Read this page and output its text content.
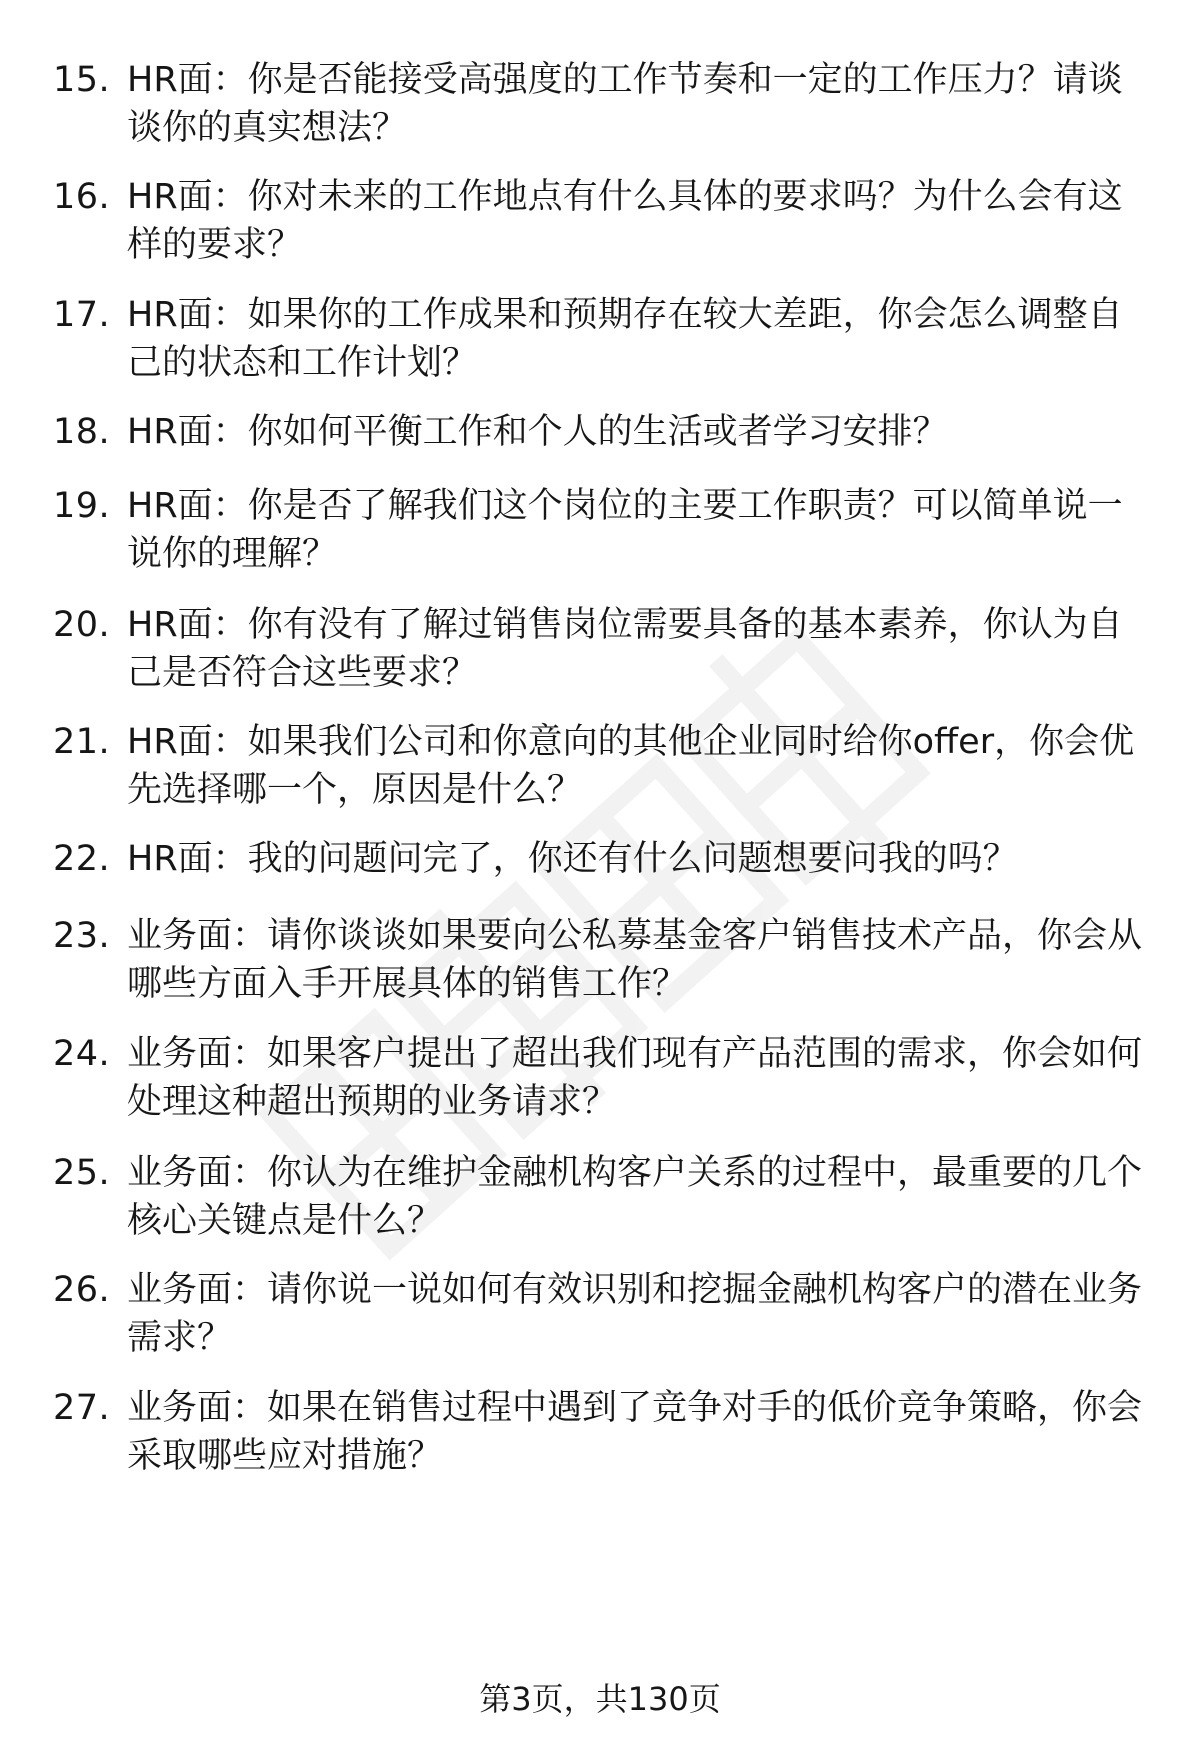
15. HR面：你是否能接受高强度的工作节奏和一定的工作压力？请谈谈你的真实想法？
16. HR面：你对未来的工作地点有什么具体的要求吗？为什么会有这样的要求？
17. HR面：如果你的工作成果和预期存在较大差距，你会怎么调整自己的状态和工作计划？
18. HR面：你如何平衡工作和个人的生活或者学习安排？
19. HR面：你是否了解我们这个岗位的主要工作职责？可以简单说一说你的理解？
20. HR面：你有没有了解过销售岗位需要具备的基本素养，你认为自己是否符合这些要求？
21. HR面：如果我们公司和你意向的其他企业同时给你offer，你会优先选择哪一个，原因是什么？
22. HR面：我的问题问完了，你还有什么问题想要问我的吗？
23. 业务面：请你谈谈如果要向公私募基金客户销售技术产品，你会从哪些方面入手开展具体的销售工作？
24. 业务面：如果客户提出了超出我们现有产品范围的需求，你会如何处理这种超出预期的业务请求？
25. 业务面：你认为在维护金融机构客户关系的过程中，最重要的几个核心关键点是什么？
26. 业务面：请你说一说如何有效识别和挖掘金融机构客户的潜在业务需求？
27. 业务面：如果在销售过程中遇到了竞争对手的低价竞争策略，你会采取哪些应对措施？
第3页，共130页
